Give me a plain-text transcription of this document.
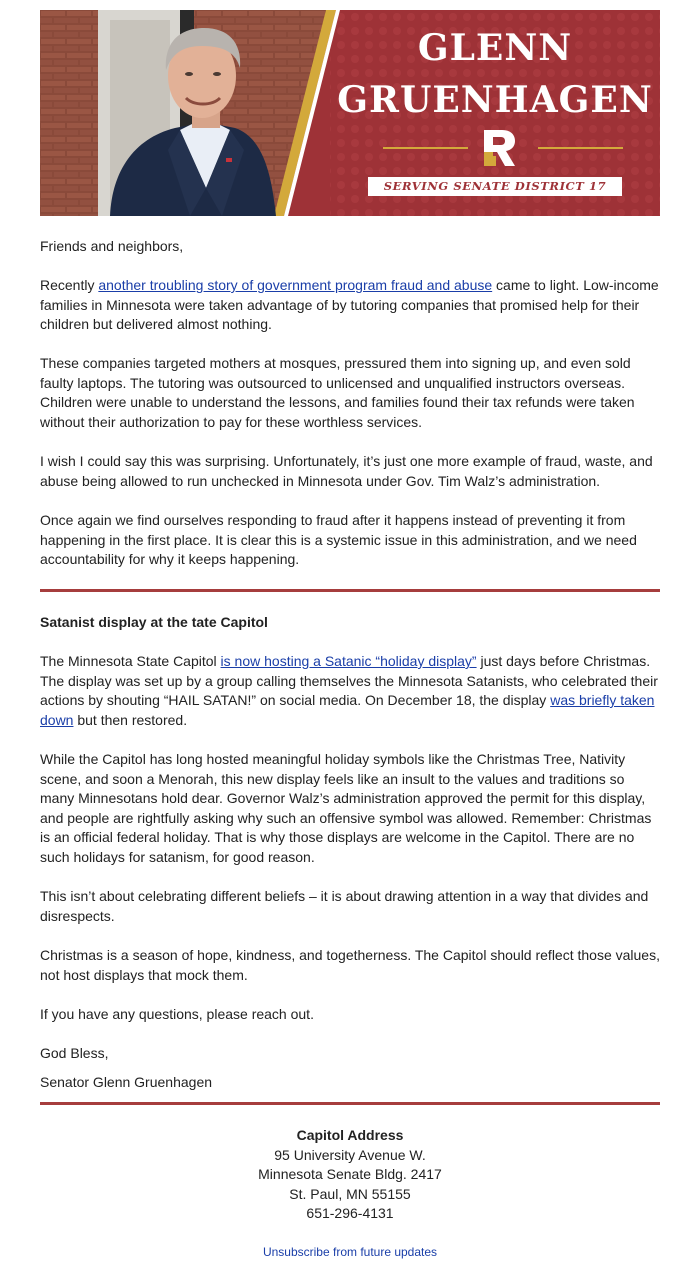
GLENN
GRUENHAGEN
SERVING SENATE DISTRICT 17

Friends and neighbors,

Recently another troubling story of government program fraud and abuse came to light. Low-income families in Minnesota were taken advantage of by tutoring companies that promised help for their children but delivered almost nothing.

These companies targeted mothers at mosques, pressured them into signing up, and even sold faulty laptops. The tutoring was outsourced to unlicensed and unqualified instructors overseas. Children were unable to understand the lessons, and families found their tax refunds were taken without their authorization to pay for these worthless services.

I wish I could say this was surprising. Unfortunately, it’s just one more example of fraud, waste, and abuse being allowed to run unchecked in Minnesota under Gov. Tim Walz’s administration.

Once again we find ourselves responding to fraud after it happens instead of preventing it from happening in the first place. It is clear this is a systemic issue in this administration, and we need accountability for why it keeps happening.

Satanist display at the tate Capitol

The Minnesota State Capitol is now hosting a Satanic “holiday display” just days before Christmas. The display was set up by a group calling themselves the Minnesota Satanists, who celebrated their actions by shouting “HAIL SATAN!” on social media. On December 18, the display was briefly taken down but then restored.

While the Capitol has long hosted meaningful holiday symbols like the Christmas Tree, Nativity scene, and soon a Menorah, this new display feels like an insult to the values and traditions so many Minnesotans hold dear. Governor Walz’s administration approved the permit for this display, and people are rightfully asking why such an offensive symbol was allowed. Remember: Christmas is an official federal holiday. That is why those displays are welcome in the Capitol. There are no such holidays for satanism, for good reason.

This isn’t about celebrating different beliefs – it is about drawing attention in a way that divides and disrespects.

Christmas is a season of hope, kindness, and togetherness. The Capitol should reflect those values, not host displays that mock them.

If you have any questions, please reach out.

God Bless,

Senator Glenn Gruenhagen

Capitol Address
95 University Avenue W.
Minnesota Senate Bldg. 2417
St. Paul, MN 55155
651-296-4131
Unsubscribe from future updates
